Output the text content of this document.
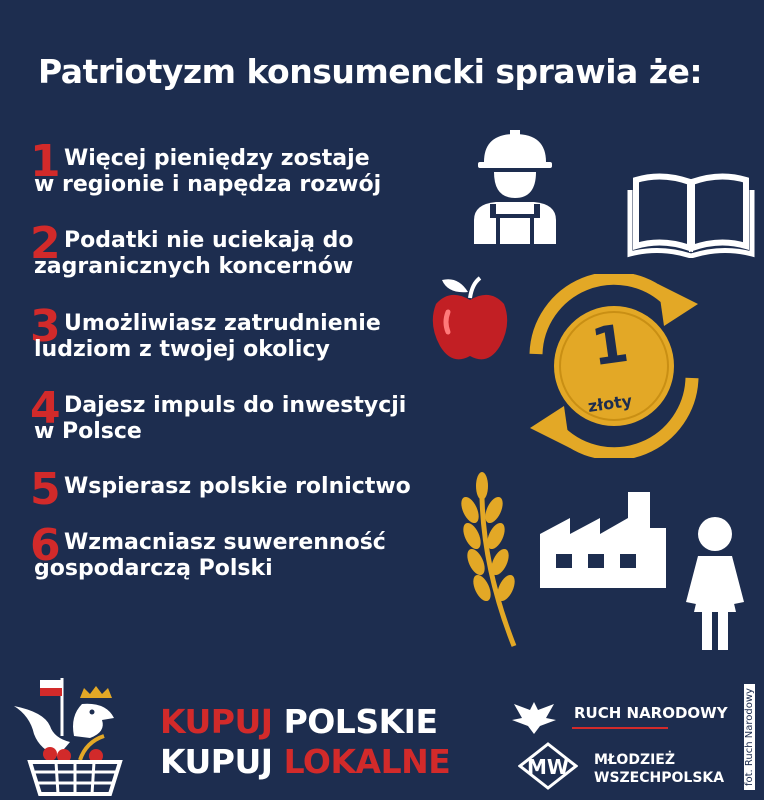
Patriotyzm konsumencki sprawia że:
1 Więcej pieniędzy zostaje
w regionie i napędza rozwój
2 Podatki nie uciekają do
zagranicznych koncernów
3 Umożliwiasz zatrudnienie
ludziom z twojej okolicy
4 Dajesz impuls do inwestycji
w Polsce
5 Wspierasz polskie rolnictwo
6 Wzmacniasz suwerenność
gospodarczą Polski
1
złoty
KUPUJ POLSKIE
KUPUJ LOKALNE
RUCH NARODOWY
MW MŁODZIEŻ
WSZECHPOLSKA fot. Ruch Narodowy
